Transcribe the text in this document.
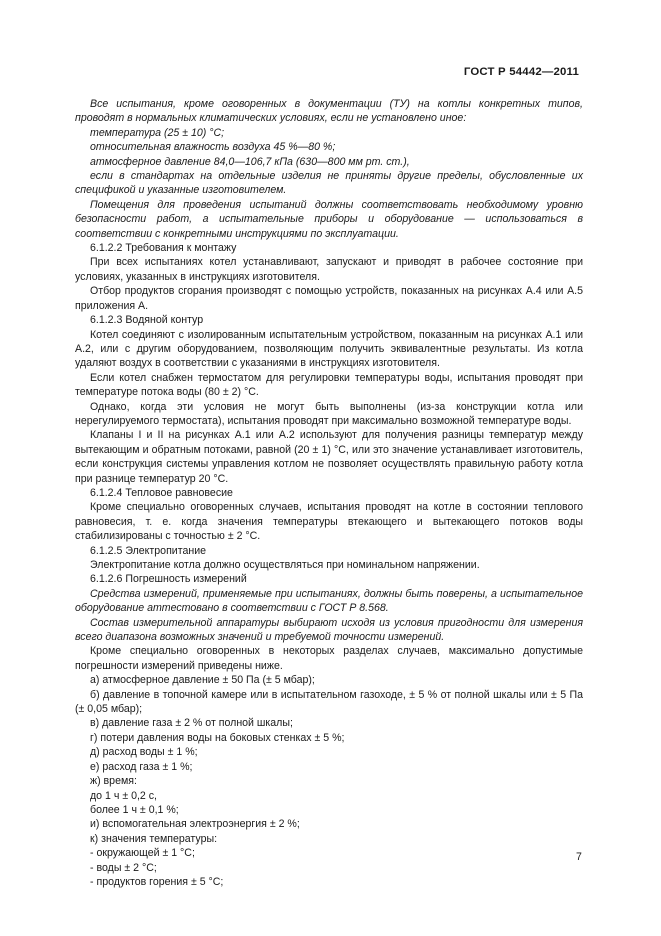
ГОСТ Р 54442—2011

Все испытания, кроме оговоренных в документации (ТУ) на котлы конкретных типов, проводят в нормальных климатических условиях, если не установлено иное:

температура (25 ± 10) °С;

относительная влажность воздуха 45 %—80 %;

атмосферное давление 84,0—106,7 кПа (630—800 мм рт. ст.),

если в стандартах на отдельные изделия не приняты другие пределы, обусловленные их спецификой и указанные изготовителем.

Помещения для проведения испытаний должны соответствовать необходимому уровню безопасности работ, а испытательные приборы и оборудование — использоваться в соответствии с конкретными инструкциями по эксплуатации.

6.1.2.2 Требования к монтажу

При всех испытаниях котел устанавливают, запускают и приводят в рабочее состояние при условиях, указанных в инструкциях изготовителя.

Отбор продуктов сгорания производят с помощью устройств, показанных на рисунках А.4 или А.5 приложения А.

6.1.2.3 Водяной контур

Котел соединяют с изолированным испытательным устройством, показанным на рисунках А.1 или А.2, или с другим оборудованием, позволяющим получить эквивалентные результаты. Из котла удаляют воздух в соответствии с указаниями в инструкциях изготовителя.

Если котел снабжен термостатом для регулировки температуры воды, испытания проводят при температуре потока воды (80 ± 2) °С.

Однако, когда эти условия не могут быть выполнены (из-за конструкции котла или нерегулируемого термостата), испытания проводят при максимально возможной температуре воды.

Клапаны I и II на рисунках А.1 или А.2 используют для получения разницы температур между вытекающим и обратным потоками, равной (20 ± 1) °С, или это значение устанавливает изготовитель, если конструкция системы управления котлом не позволяет осуществлять правильную работу котла при разнице температур 20 °С.

6.1.2.4 Тепловое равновесие

Кроме специально оговоренных случаев, испытания проводят на котле в состоянии теплового равновесия, т. е. когда значения температуры втекающего и вытекающего потоков воды стабилизированы с точностью ± 2 °С.

6.1.2.5 Электропитание

Электропитание котла должно осуществляться при номинальном напряжении.

6.1.2.6 Погрешность измерений

Средства измерений, применяемые при испытаниях, должны быть поверены, а испытательное оборудование аттестовано в соответствии с ГОСТ Р 8.568.

Состав измерительной аппаратуры выбирают исходя из условия пригодности для измерения всего диапазона возможных значений и требуемой точности измерений.

Кроме специально оговоренных в некоторых разделах случаев, максимально допустимые погрешности измерений приведены ниже.

а) атмосферное давление ± 50 Па (± 5 мбар);

б) давление в топочной камере или в испытательном газоходе, ± 5 % от полной шкалы или ± 5 Па (± 0,05 мбар);

в) давление газа ± 2 % от полной шкалы;

г) потери давления воды на боковых стенках ± 5 %;

д) расход воды ± 1 %;

е) расход газа ± 1 %;

ж) время:

до 1 ч ± 0,2 с,

более 1 ч ± 0,1 %;

и) вспомогательная электроэнергия ± 2 %;

к) значения температуры:

- окружающей ± 1 °С;

- воды ± 2 °С;

- продуктов горения ± 5 °С;

7
